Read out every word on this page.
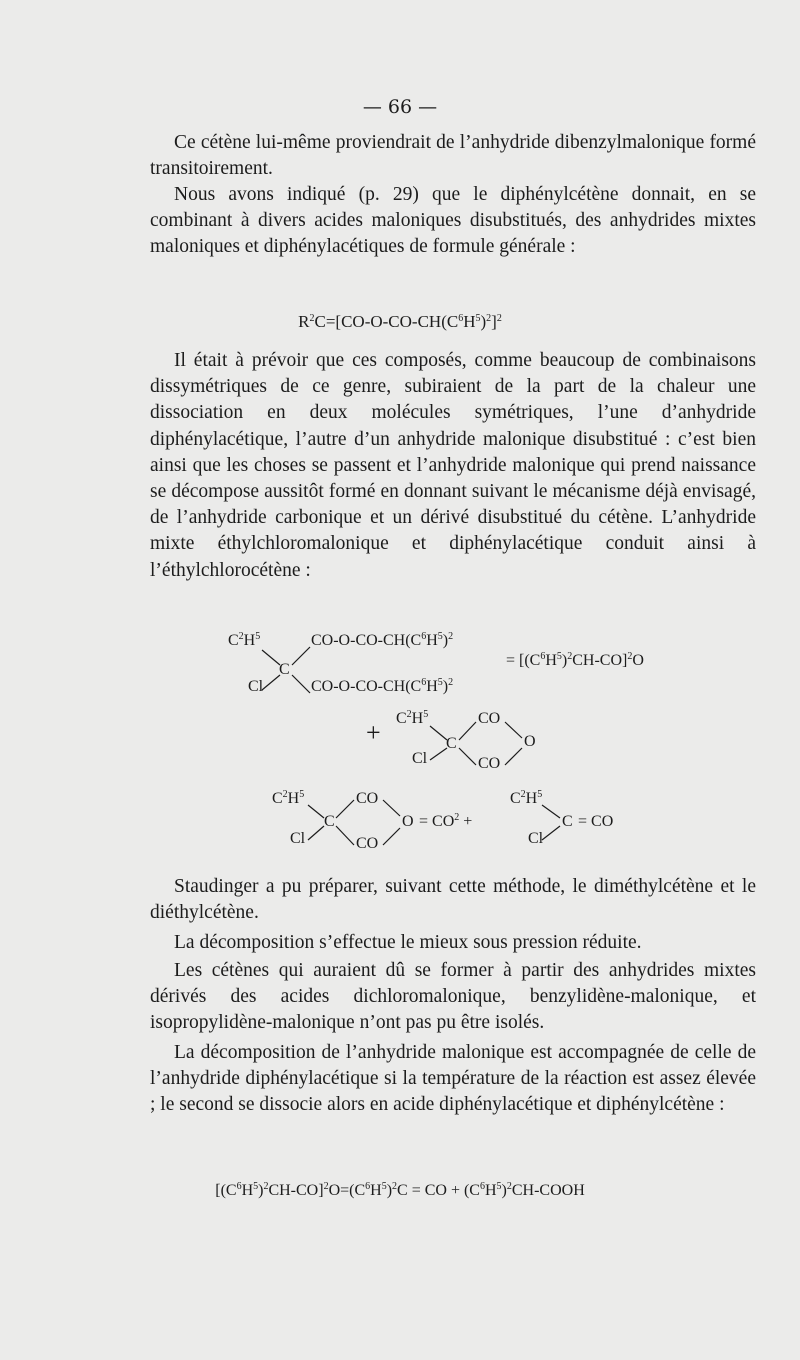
— 66 —

Ce cétène lui-même proviendrait de l’anhydride dibenzylmalonique formé transitoirement.

Nous avons indiqué (p. 29) que le diphénylcétène donnait, en se combinant à divers acides maloniques disubstitués, des anhydrides mixtes maloniques et diphénylacétiques de formule générale :

$R^2C=[CO-O-CO-CH(C^6H^5)^2]^2$

Il était à prévoir que ces composés, comme beaucoup de combinaisons dissymétriques de ce genre, subiraient de la part de la chaleur une dissociation en deux molécules symétriques, l’une d’anhydride diphénylacétique, l’autre d’un anhydride malonique disubstitué : c’est bien ainsi que les choses se passent et l’anhydride malonique qui prend naissance se décompose aussitôt formé en donnant suivant le mécanisme déjà envisagé, de l’anhydride carbonique et un dérivé disubstitué du cétène. L’anhydride mixte éthylchloromalonique et diphénylacétique conduit ainsi à l’éthylchlorocétène :

$C^2H^5$
Cl
C
$CO-O-CO-CH(C^6H^5)^2$
$CO-O-CO-CH(C^6H^5)^2$
= $[(C^6H^5)^2CH-CO]^2O$
+ $C^2H^5$
Cl
C
CO
CO
O
$C^2H^5$
Cl
C
CO
CO
$O = CO^2$ +
$C^2H^5$
Cl
C = CO

Staudinger a pu préparer, suivant cette méthode, le diméthylcétène et le diéthylcétène.

La décomposition s’effectue le mieux sous pression réduite.

Les cétènes qui auraient dû se former à partir des anhydrides mixtes dérivés des acides dichloromalonique, benzylidène-malonique, et isopropylidène-malonique n’ont pas pu être isolés.

La décomposition de l’anhydride malonique est accompagnée de celle de l’anhydride diphénylacétique si la température de la réaction est assez élevée ; le second se dissocie alors en acide diphénylacétique et diphénylcétène :

$[(C^6H^5)^2CH-CO]^2O=(C^6H^5)^2C$ = CO + $(C^6H^5)^2CH$-COOH
